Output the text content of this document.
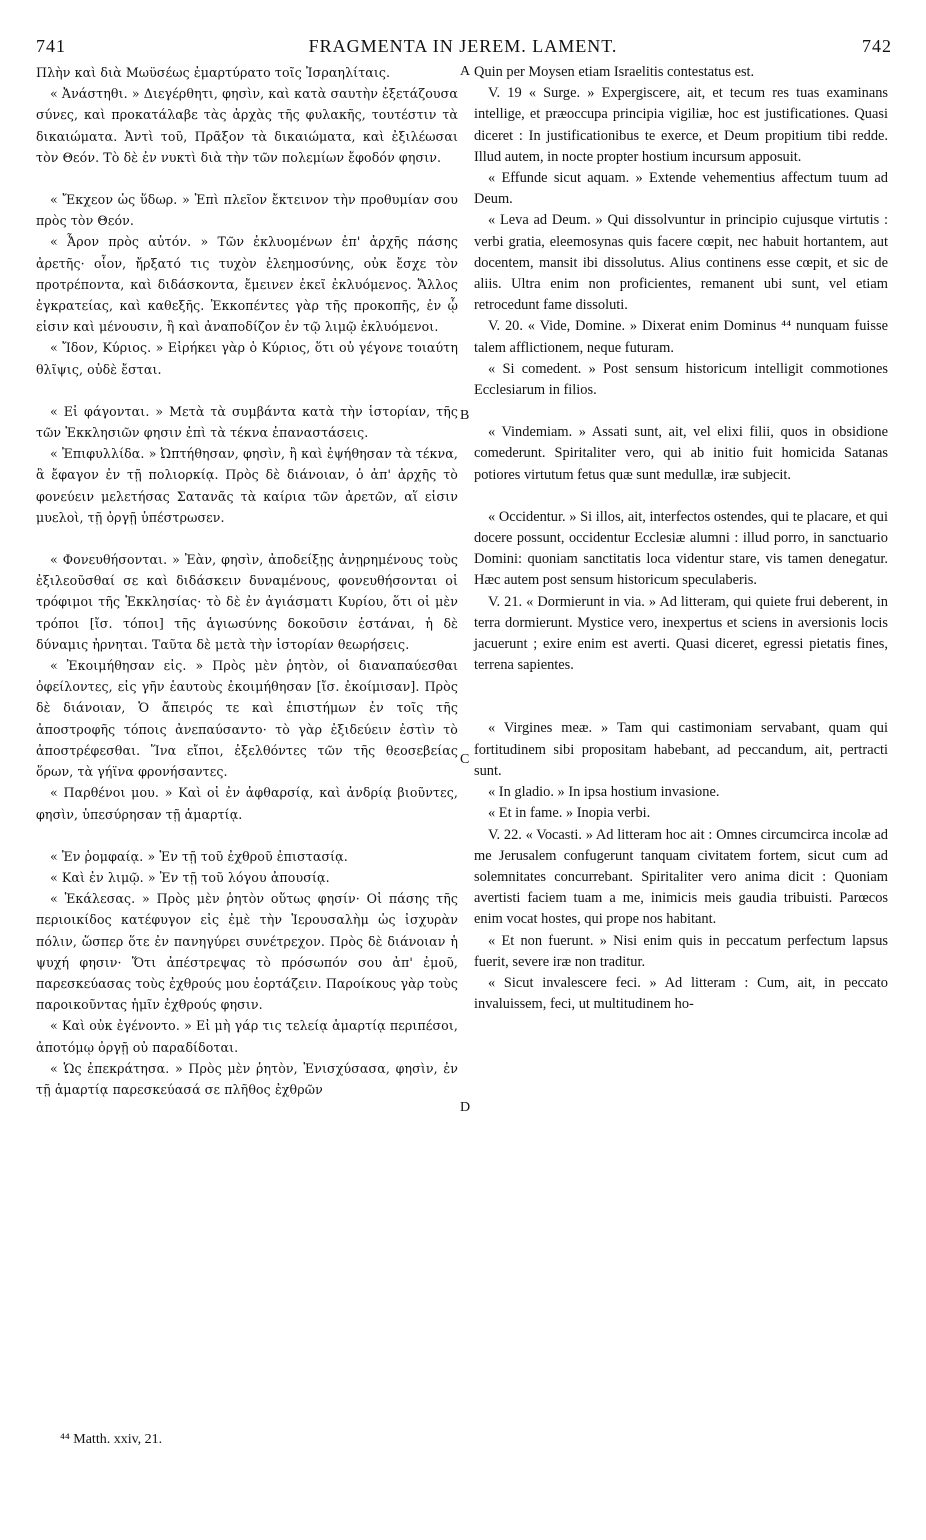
741	FRAGMENTA IN JEREM. LAMENT.	742

Πλὴν καὶ διὰ Μωϋσέως ἐμαρτύρατο τοῖς Ἰσραηλίταις.

« Ἀνάστηθι. » Διεγέρθητι, φησὶν, καὶ κατὰ σαυτὴν ἐξετάζουσα σύνες, καὶ προκατάλαβε τὰς ἀρχὰς τῆς φυλακῆς, τουτέστιν τὰ δικαιώματα. Ἀντὶ τοῦ, Πρᾶξον τὰ δικαιώματα, καὶ ἐξιλέωσαι τὸν Θεόν. Τὸ δὲ ἐν νυκτὶ διὰ τὴν τῶν πολεμίων ἔφοδόν φησιν.

« Ἔκχεον ὡς ὕδωρ. » Ἐπὶ πλεῖον ἔκτεινον τὴν προθυμίαν σου πρὸς τὸν Θεόν.

« Ἆρον πρὸς αὐτόν. » Τῶν ἐκλυομένων ἐπ' ἀρχῆς πάσης ἀρετῆς· οἷον, ἤρξατό τις τυχὸν ἐλεημοσύνης, οὐκ ἔσχε τὸν προτρέποντα, καὶ διδάσκοντα, ἔμεινεν ἐκεῖ ἐκλυόμενος. Ἄλλος ἐγκρατείας, καὶ καθεξῆς. Ἐκκοπέντες γὰρ τῆς προκοπῆς, ἐν ᾧ εἰσιν καὶ μένουσιν, ἢ καὶ ἀναποδίζον ἐν τῷ λιμῷ ἐκλυόμενοι.

« Ἴδον, Κύριος. » Εἰρήκει γὰρ ὁ Κύριος, ὅτι οὐ γέγονε τοιαύτη θλῖψις, οὐδὲ ἔσται.

« Εἰ φάγονται. » Μετὰ τὰ συμβάντα κατὰ τὴν ἱστορίαν, τῆς τῶν Ἐκκλησιῶν φησιν ἐπὶ τὰ τέκνα ἐπαναστάσεις.

« Ἐπιφυλλίδα. » Ὠπτήθησαν, φησὶν, ἢ καὶ ἐψήθησαν τὰ τέκνα, ἃ ἔφαγον ἐν τῇ πολιορκίᾳ. Πρὸς δὲ διάνοιαν, ὁ ἀπ' ἀρχῆς τὸ φονεύειν μελετήσας Σατανᾶς τὰ καίρια τῶν ἀρετῶν, αἵ εἰσιν μυελοὶ, τῇ ὀργῇ ὑπέστρωσεν.

« Φονευθήσονται. » Ἐὰν, φησὶν, ἀποδείξῃς ἀνῃρημένους τοὺς ἐξιλεοῦσθαί σε καὶ διδάσκειν δυναμένους, φονευθήσονται οἱ τρόφιμοι τῆς Ἐκκλησίας· τὸ δὲ ἐν ἁγιάσματι Κυρίου, ὅτι οἱ μὲν τρόποι [ἴσ. τόποι] τῆς ἁγιωσύνης δοκοῦσιν ἑστάναι, ἡ δὲ δύναμις ἠρνηται. Ταῦτα δὲ μετὰ τὴν ἱστορίαν θεωρήσεις.

« Ἐκοιμήθησαν εἰς. » Πρὸς μὲν ῥητὸν, οἱ διαναπαύεσθαι ὀφείλοντες, εἰς γῆν ἑαυτοὺς ἐκοιμήθησαν [ἴσ. ἐκοίμισαν]. Πρὸς δὲ διάνοιαν, Ὁ ἄπειρός τε καὶ ἐπιστήμων ἐν τοῖς τῆς ἀποστροφῆς τόποις ἀνεπαύσαντο· τὸ γὰρ ἐξιδεύειν ἐστὶν τὸ ἀποστρέφεσθαι. Ἵνα εἴποι, ἐξελθόντες τῶν τῆς θεοσεβείας ὅρων, τὰ γήϊνα φρονήσαντες.

« Παρθένοι μου. » Καὶ οἱ ἐν ἀφθαρσίᾳ, καὶ ἀνδρίᾳ βιοῦντες, φησὶν, ὑπεσύρησαν τῇ ἁμαρτίᾳ.

« Ἐν ῥομφαίᾳ. » Ἐν τῇ τοῦ ἐχθροῦ ἐπιστασίᾳ.

« Καὶ ἐν λιμῷ. » Ἐν τῇ τοῦ λόγου ἀπουσίᾳ.

« Ἐκάλεσας. » Πρὸς μὲν ῥητὸν οὕτως φησίν· Οἱ πάσης τῆς περιοικίδος κατέφυγον εἰς ἐμὲ τὴν Ἱερουσαλὴμ ὡς ἰσχυρὰν πόλιν, ὥσπερ ὅτε ἐν πανηγύρει συνέτρεχον. Πρὸς δὲ διάνοιαν ἡ ψυχή φησιν· Ὅτι ἀπέστρεψας τὸ πρόσωπόν σου ἀπ' ἐμοῦ, παρεσκεύασας τοὺς ἐχθρούς μου ἑορτάζειν. Παροίκους γὰρ τοὺς παροικοῦντας ἡμῖν ἐχθρούς φησιν.

« Καὶ οὐκ ἐγένοντο. » Εἰ μὴ γάρ τις τελείᾳ ἁμαρτίᾳ περιπέσοι, ἀποτόμῳ ὀργῇ οὐ παραδίδοται.

« Ὡς ἐπεκράτησα. » Πρὸς μὲν ῥητὸν, Ἐνισχύσασα, φησὶν, ἐν τῇ ἁμαρτίᾳ παρεσκεύασά σε πλῆθος ἐχθρῶν

Quin per Moysen etiam Israelitis contestatus est.

V. 19 « Surge. » Expergiscere, ait, et tecum res tuas examinans intellige, et præoccupa principia vigiliæ, hoc est justificationes. Quasi diceret : In justificationibus te exerce, et Deum propitium tibi redde. Illud autem, in nocte propter hostium incursum apposuit.

« Effunde sicut aquam. » Extende vehementius affectum tuum ad Deum.

« Leva ad Deum. » Qui dissolvuntur in principio cujusque virtutis : verbi gratia, eleemosynas quis facere cœpit, nec habuit hortantem, aut docentem, mansit ibi dissolutus. Alius continens esse cœpit, et sic de aliis. Ultra enim non proficientes, remanent ubi sunt, vel etiam retrocedunt fame dissoluti.

V. 20. « Vide, Domine. » Dixerat enim Dominus ⁴⁴ nunquam fuisse talem afflictionem, neque futuram.

« Si comedent. » Post sensum historicum intelligit commotiones Ecclesiarum in filios.

« Vindemiam. » Assati sunt, ait, vel elixi filii, quos in obsidione comederunt. Spiritaliter vero, qui ab initio fuit homicida Satanas potiores virtutum fetus quæ sunt medullæ, iræ subjecit.

« Occidentur. » Si illos, ait, interfectos ostendes, qui te placare, et qui docere possunt, occidentur Ecclesiæ alumni : illud porro, in sanctuario Domini: quoniam sanctitatis loca videntur stare, vis tamen denegatur. Hæc autem post sensum historicum speculaberis.

V. 21. « Dormierunt in via. » Ad litteram, qui quiete frui deberent, in terra dormierunt. Mystice vero, inexpertus et sciens in aversionis locis jacuerunt ; exire enim est averti. Quasi diceret, egressi pietatis fines, terrena sapientes.

« Virgines meæ. » Tam qui castimoniam servabant, quam qui fortitudinem sibi propositam habebant, ad peccandum, ait, pertracti sunt.

« In gladio. » In ipsa hostium invasione.

« Et in fame. » Inopia verbi.

V. 22. « Vocasti. » Ad litteram hoc ait : Omnes circumcirca incolæ ad me Jerusalem confugerunt tanquam civitatem fortem, sicut cum ad solemnitates concurrebant. Spiritaliter vero anima dicit : Quoniam avertisti faciem tuam a me, inimicis meis gaudia tribuisti. Parœcos enim vocat hostes, qui prope nos habitant.

« Et non fuerunt. » Nisi enim quis in peccatum perfectum lapsus fuerit, severe iræ non traditur.

« Sicut invalescere feci. » Ad litteram : Cum, ait, in peccato invaluissem, feci, ut multitudinem ho-

A
B
C
D
⁴⁴ Matth. xxiv, 21.
